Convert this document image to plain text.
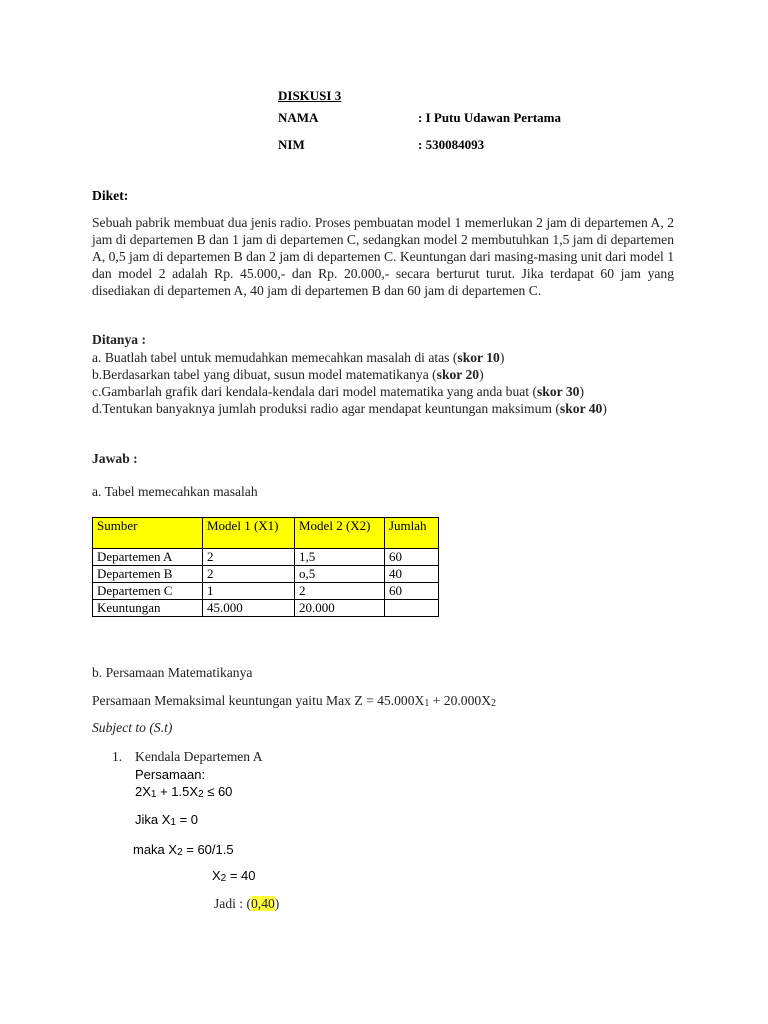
DISKUSI 3
NAMA	: I Putu Udawan Pertama
NIM	: 530084093
Diket:
Sebuah pabrik membuat dua jenis radio. Proses pembuatan model 1 memerlukan 2 jam di departemen A, 2 jam di departemen B dan 1 jam di departemen C, sedangkan model 2 membutuhkan 1,5 jam di departemen A, 0,5 jam di departemen B dan 2 jam di departemen C. Keuntungan dari masing-masing unit dari model 1 dan model 2 adalah Rp. 45.000,- dan Rp. 20.000,- secara berturut turut. Jika terdapat 60 jam yang disediakan di departemen A, 40 jam di departemen B dan 60 jam di departemen C.
Ditanya :
a. Buatlah tabel untuk memudahkan memecahkan masalah di atas (skor 10)
b.Berdasarkan tabel yang dibuat, susun model matematikanya (skor 20)
c.Gambarlah grafik dari kendala-kendala dari model matematika yang anda buat (skor 30)
d.Tentukan banyaknya jumlah produksi radio agar mendapat keuntungan maksimum (skor 40)
Jawab :
a. Tabel memecahkan masalah
Sumber	Model 1 (X1)	Model 2 (X2)	Jumlah
Departemen A	2	1,5	60
Departemen B	2	o,5	40
Departemen C	1	2	60
Keuntungan	45.000	20.000	
b. Persamaan Matematikanya
Persamaan Memaksimal keuntungan yaitu Max $Z = 45.000X_1 + 20.000X_2$
Subject to (S.t)
1. Kendala Departemen A
Persamaan:
$2X_1 + 1.5X_2 \le 60$
Jika $X_1 = 0$
maka $X_2 = 60/1.5$
$X_2 = 40$
Jadi : (0,40)
